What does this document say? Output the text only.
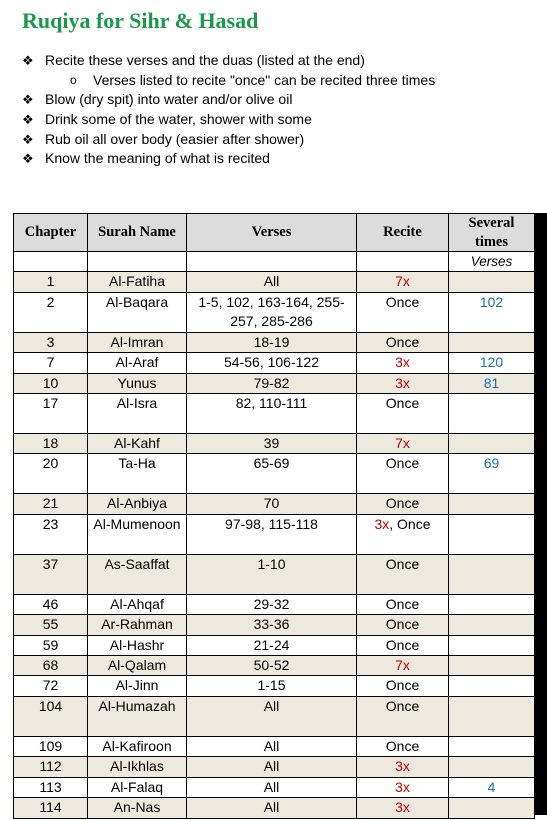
Ruqiya for Sihr & Hasad
❖ Recite these verses and the duas (listed at the end)
o	Verses listed to recite "once" can be recited three times
❖ Blow (dry spit) into water and/or olive oil
❖ Drink some of the water, shower with some
❖ Rub oil all over body (easier after shower)
❖ Know the meaning of what is recited
Chapter	Surah Name	Verses	Recite	Several times
				Verses
1	Al-Fatiha	All	7x	
2	Al-Baqara	1-5, 102, 163-164, 255-257, 285-286	Once	102
3	Al-Imran	18-19	Once	
7	Al-Araf	54-56, 106-122	3x	120
10	Yunus	79-82	3x	81
17	Al-Isra	82, 110-111	Once	
18	Al-Kahf	39	7x	
20	Ta-Ha	65-69	Once	69
21	Al-Anbiya	70	Once	
23	Al-Mumenoon	97-98, 115-118	3x, Once	
37	As-Saaffat	1-10	Once	
46	Al-Ahqaf	29-32	Once	
55	Ar-Rahman	33-36	Once	
59	Al-Hashr	21-24	Once	
68	Al-Qalam	50-52	7x	
72	Al-Jinn	1-15	Once	
104	Al-Humazah	All	Once	
109	Al-Kafiroon	All	Once	
112	Al-Ikhlas	All	3x	
113	Al-Falaq	All	3x	4
114	An-Nas	All	3x	
